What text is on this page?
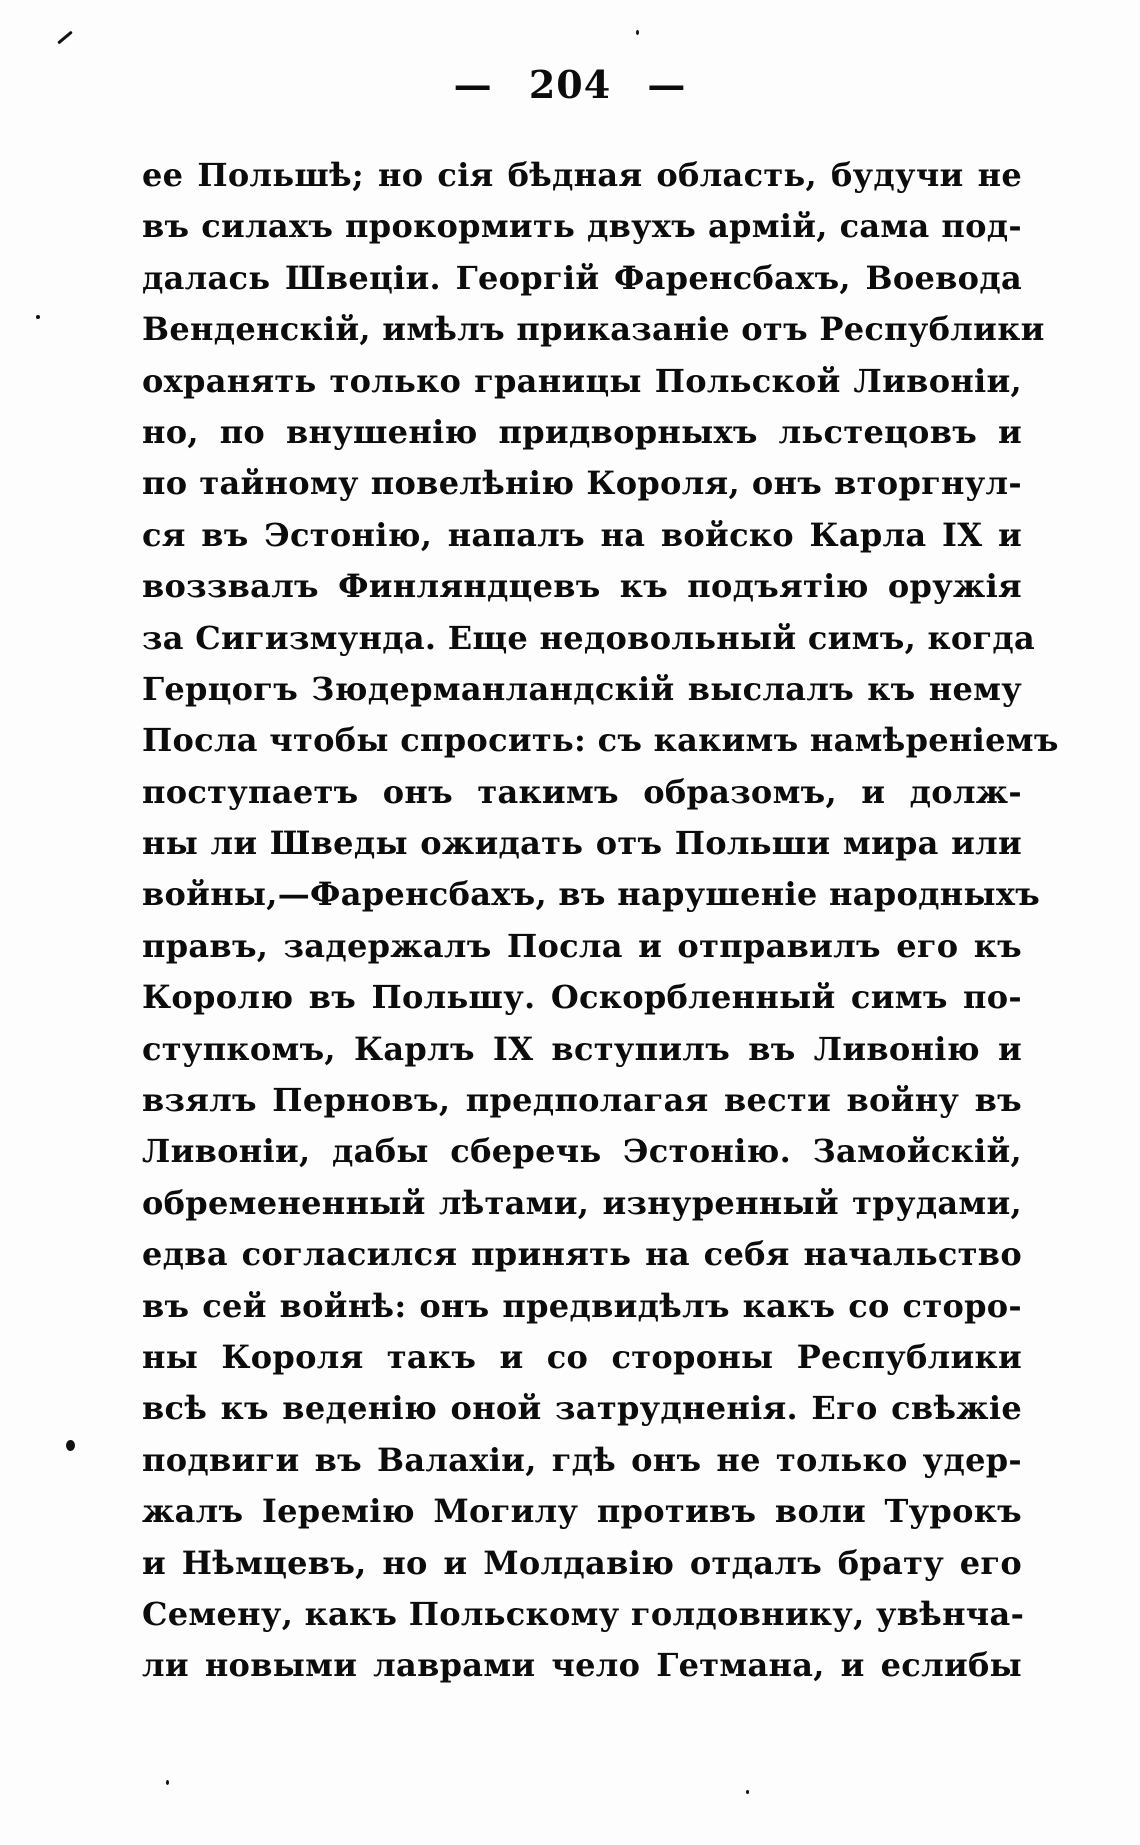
— 204 —
ее Польшѣ; но сія бѣдная область, будучи не
въ силахъ прокормить двухъ армій, сама под-
далась Швеціи. Георгій Фаренсбахъ, Воевода
Венденскій, имѣлъ приказаніе отъ Республики
охранять только границы Польской Ливоніи,
но, по внушенію придворныхъ льстецовъ и
по тайному повелѣнію Короля, онъ вторгнул-
ся въ Эстонію, напалъ на войско Карла IX и
воззвалъ Финляндцевъ къ подъятію оружія
за Сигизмунда. Еще недовольный симъ, когда
Герцогъ Зюдерманландскій выслалъ къ нему
Посла чтобы спросить: съ какимъ намѣреніемъ
поступаетъ онъ такимъ образомъ, и долж-
ны ли Шведы ожидать отъ Польши мира или
войны,—Фаренсбахъ, въ нарушеніе народныхъ
правъ, задержалъ Посла и отправилъ его къ
Королю въ Польшу. Оскорбленный симъ по-
ступкомъ, Карлъ IX вступилъ въ Ливонію и
взялъ Перновъ, предполагая вести войну въ
Ливоніи, дабы сберечь Эстонію. Замойскій,
обремененный лѣтами, изнуренный трудами,
едва согласился принять на себя начальство
въ сей войнѣ: онъ предвидѣлъ какъ со сторо-
ны Короля такъ и со стороны Республики
всѣ къ веденію оной затрудненія. Его свѣжіе
подвиги въ Валахіи, гдѣ онъ не только удер-
жалъ Іеремію Могилу противъ воли Турокъ
и Нѣмцевъ, но и Молдавію отдалъ брату его
Семену, какъ Польскому голдовнику, увѣнча-
ли новыми лаврами чело Гетмана, и еслибы
